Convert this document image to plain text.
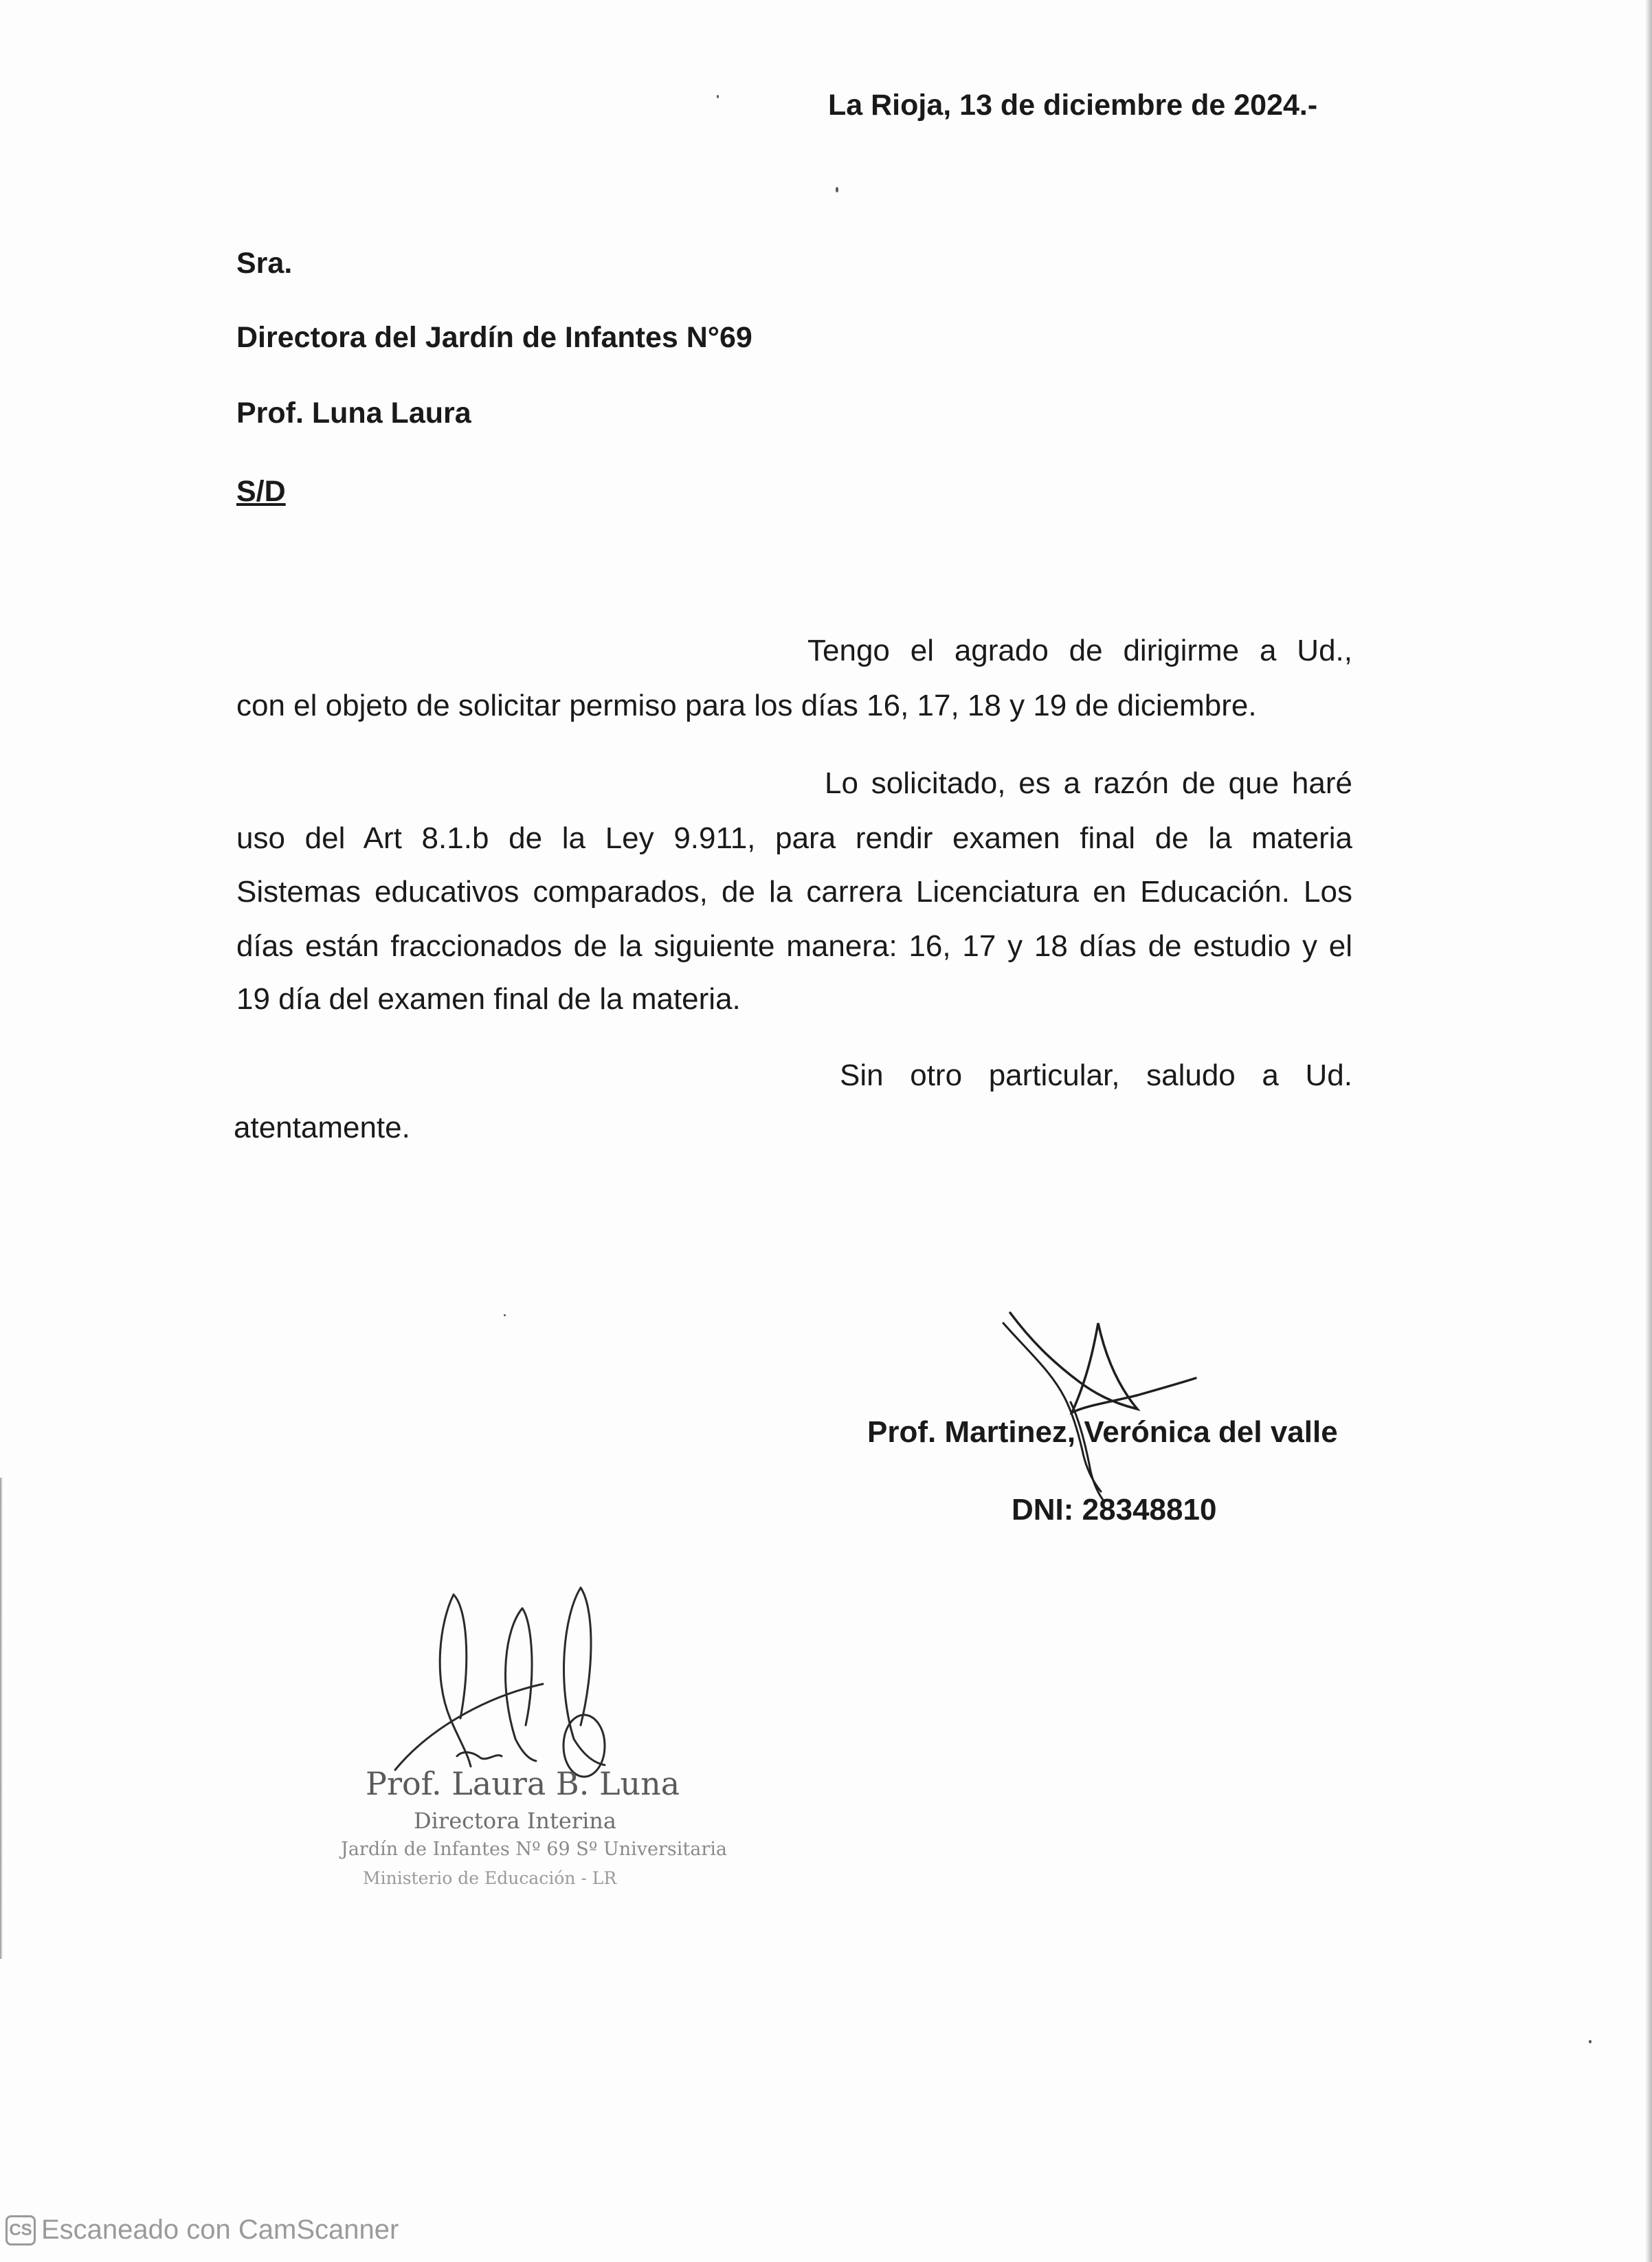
La Rioja, 13 de diciembre de 2024.-
Sra.
Directora del Jardín de Infantes N°69
Prof. Luna Laura
S/D
Tengo el agrado de dirigirme a Ud.,
con el objeto de solicitar permiso para los días 16, 17, 18 y 19 de diciembre.
Lo solicitado, es a razón de que haré
uso del Art 8.1.b de la Ley 9.911, para rendir examen final de la materia
Sistemas educativos comparados, de la carrera Licenciatura en Educación. Los
días están fraccionados de la siguiente manera: 16, 17 y 18 días de estudio y el
19 día del examen final de la materia.
Sin otro particular, saludo a Ud.
atentamente.
Prof. Martinez, Verónica del valle
DNI: 28348810
Prof. Laura B. Luna
Directora Interina
Jardín de Infantes Nº 69 Sº Universitaria
Ministerio de Educación - LR
CS Escaneado con CamScanner
